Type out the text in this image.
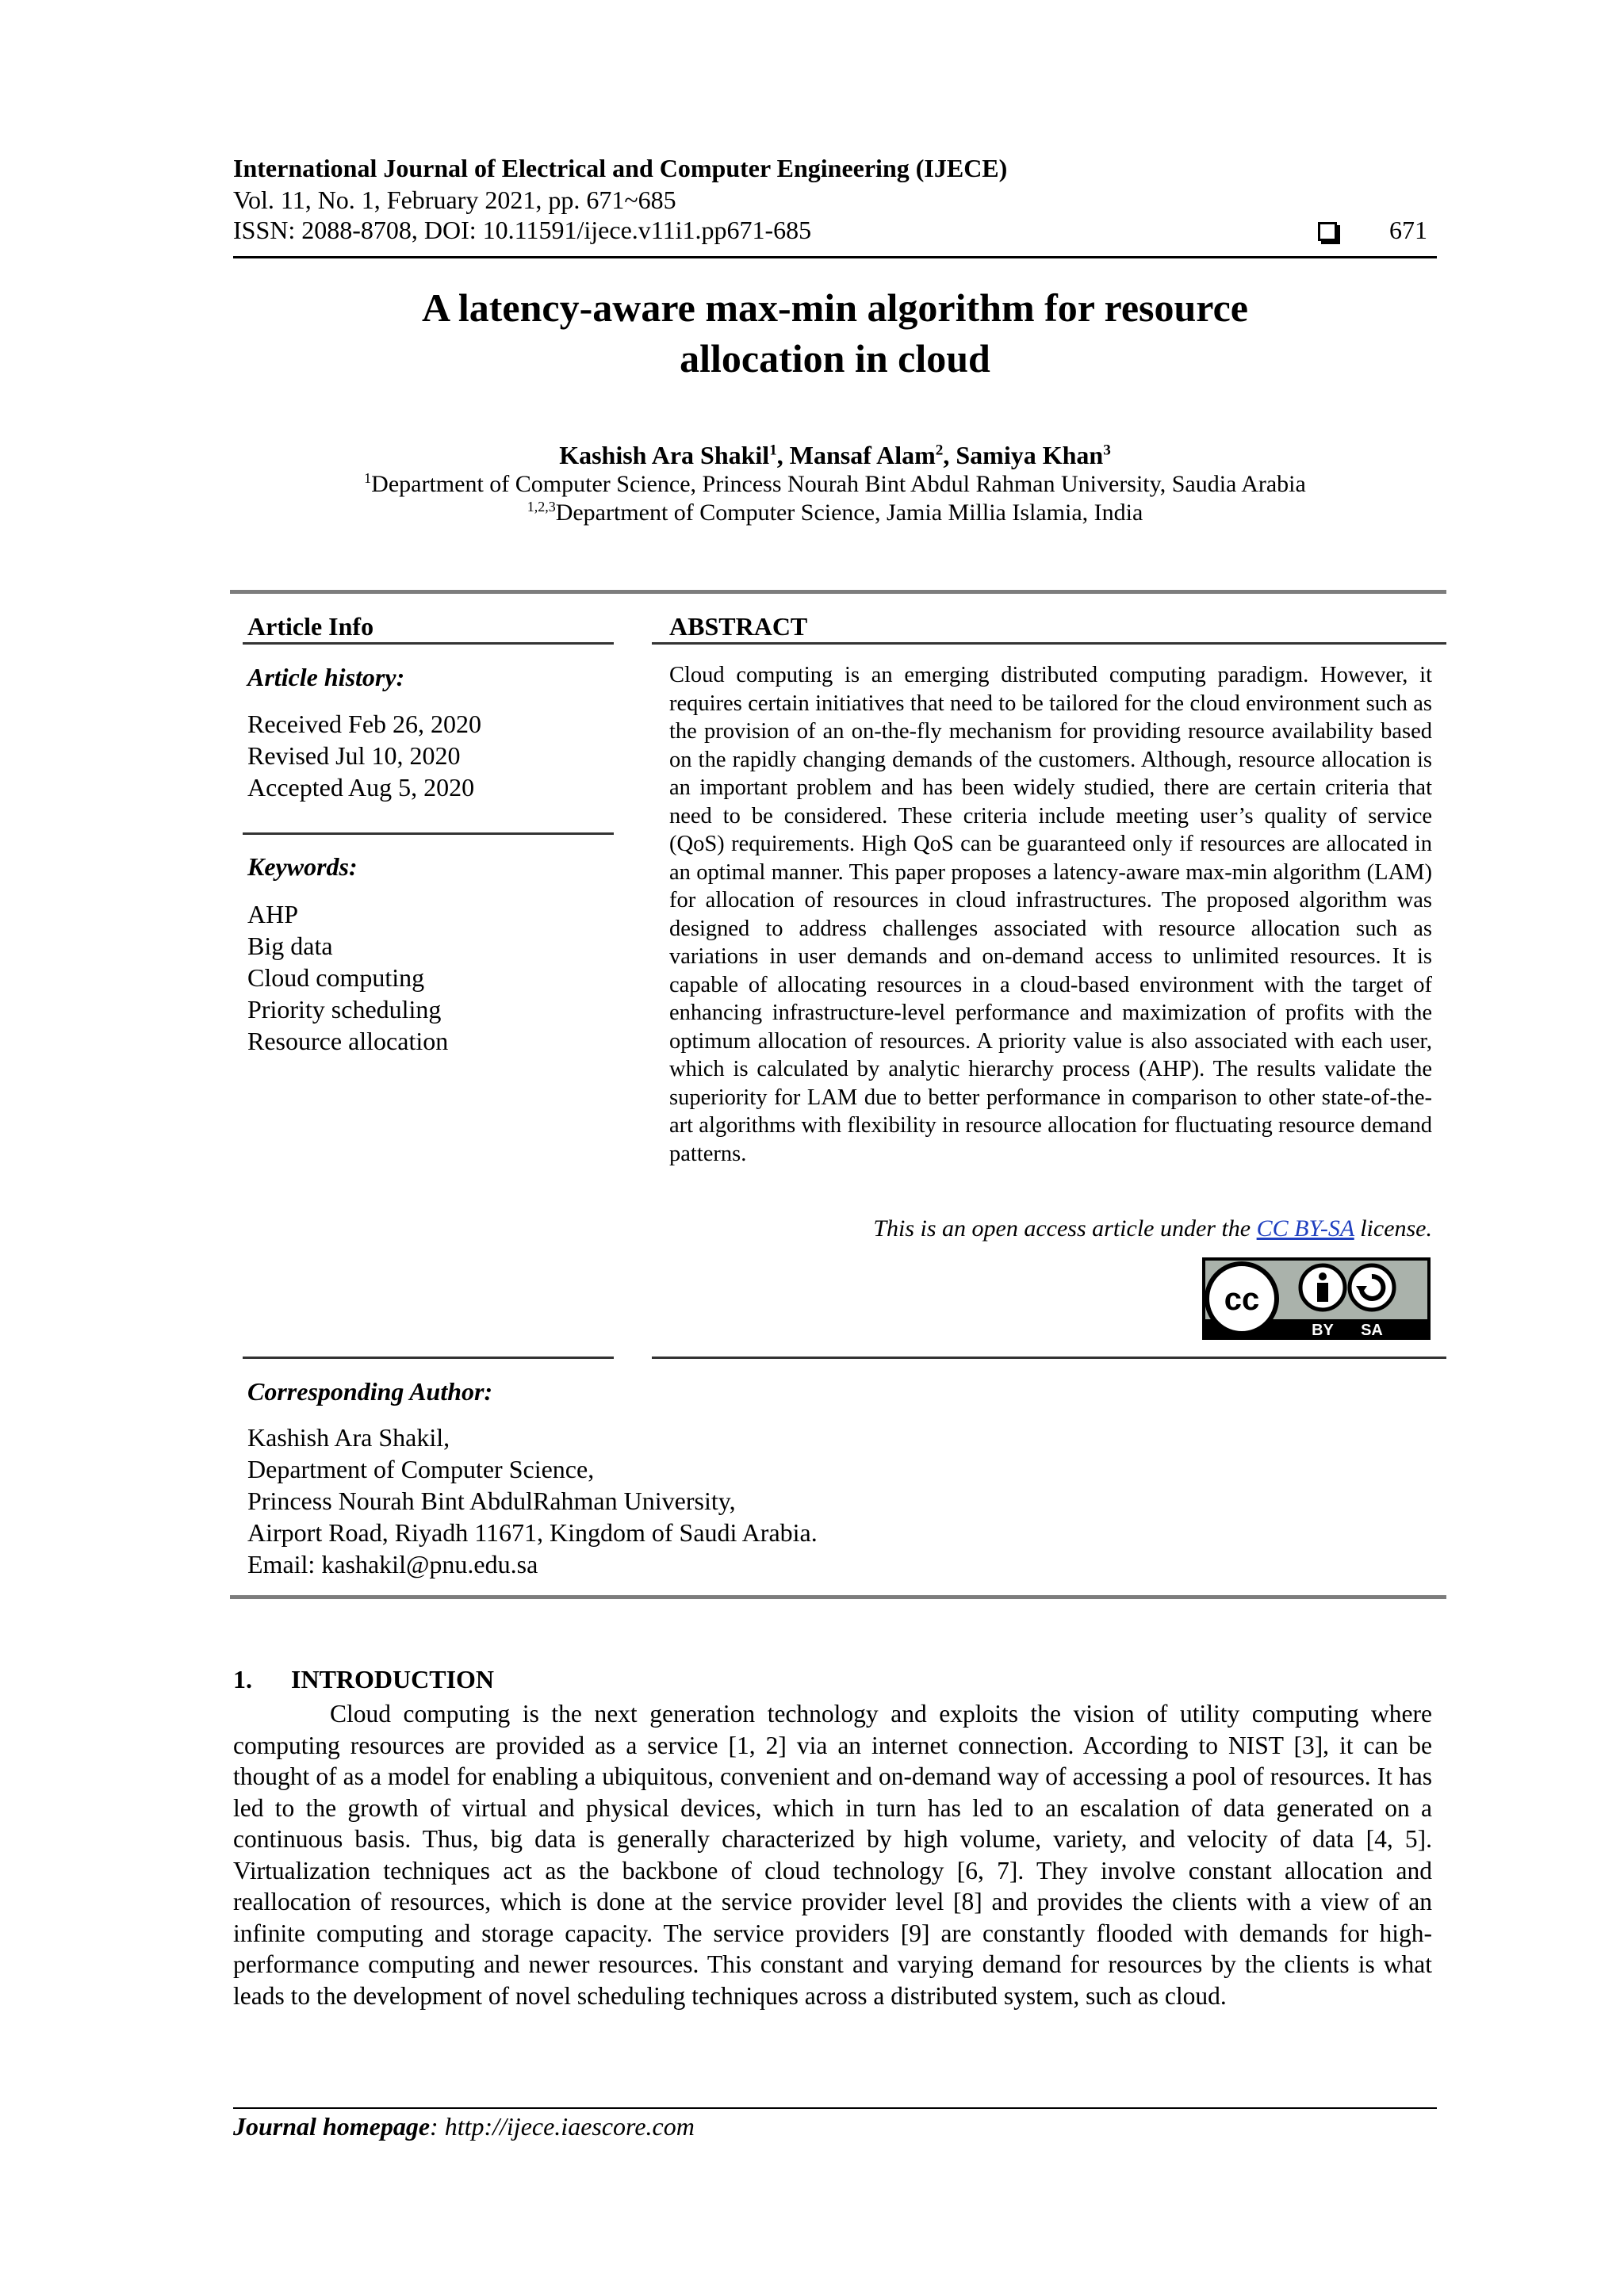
International Journal of Electrical and Computer Engineering (IJECE)
Vol. 11, No. 1, February 2021, pp. 671~685
ISSN: 2088-8708, DOI: 10.11591/ijece.v11i1.pp671-685	671
A latency-aware max-min algorithm for resource
allocation in cloud
Kashish Ara Shakil$^1$, Mansaf Alam$^2$, Samiya Khan$^3$
$^1$Department of Computer Science, Princess Nourah Bint Abdul Rahman University, Saudia Arabia
$^{1,2,3}$Department of Computer Science, Jamia Millia Islamia, India
Article Info
Article history:
Received Feb 26, 2020
Revised Jul 10, 2020
Accepted Aug 5, 2020
Keywords:
AHP
Big data
Cloud computing
Priority scheduling
Resource allocation
ABSTRACT
Cloud computing is an emerging distributed computing paradigm. However, it requires certain initiatives that need to be tailored for the cloud environment such as the provision of an on-the-fly mechanism for providing resource availability based on the rapidly changing demands of the customers. Although, resource allocation is an important problem and has been widely studied, there are certain criteria that need to be considered. These criteria include meeting user’s quality of service (QoS) requirements. High QoS can be guaranteed only if resources are allocated in an optimal manner. This paper proposes a latency-aware max-min algorithm (LAM) for allocation of resources in cloud infrastructures. The proposed algorithm was designed to address challenges associated with resource allocation such as variations in user demands and on-demand access to unlimited resources. It is capable of allocating resources in a cloud-based environment with the target of enhancing infrastructure-level performance and maximization of profits with the optimum allocation of resources. A priority value is also associated with each user, which is calculated by analytic hierarchy process (AHP). The results validate the superiority for LAM due to better performance in comparison to other state-of-the-art algorithms with flexibility in resource allocation for fluctuating resource demand patterns.
This is an open access article under the CC BY-SA license.
cc
BY SA
Corresponding Author:
Kashish Ara Shakil,
Department of Computer Science,
Princess Nourah Bint AbdulRahman University,
Airport Road, Riyadh 11671, Kingdom of Saudi Arabia.
Email: kashakil@pnu.edu.sa
1. INTRODUCTION
Cloud computing is the next generation technology and exploits the vision of utility computing where computing resources are provided as a service [1, 2] via an internet connection. According to NIST [3], it can be thought of as a model for enabling a ubiquitous, convenient and on-demand way of accessing a pool of resources. It has led to the growth of virtual and physical devices, which in turn has led to an escalation of data generated on a continuous basis. Thus, big data is generally characterized by high volume, variety, and velocity of data [4, 5]. Virtualization techniques act as the backbone of cloud technology [6, 7]. They involve constant allocation and reallocation of resources, which is done at the service provider level [8] and provides the clients with a view of an infinite computing and storage capacity. The service providers [9] are constantly flooded with demands for high-performance computing and newer resources. This constant and varying demand for resources by the clients is what leads to the development of novel scheduling techniques across a distributed system, such as cloud.
Journal homepage: http://ijece.iaescore.com
